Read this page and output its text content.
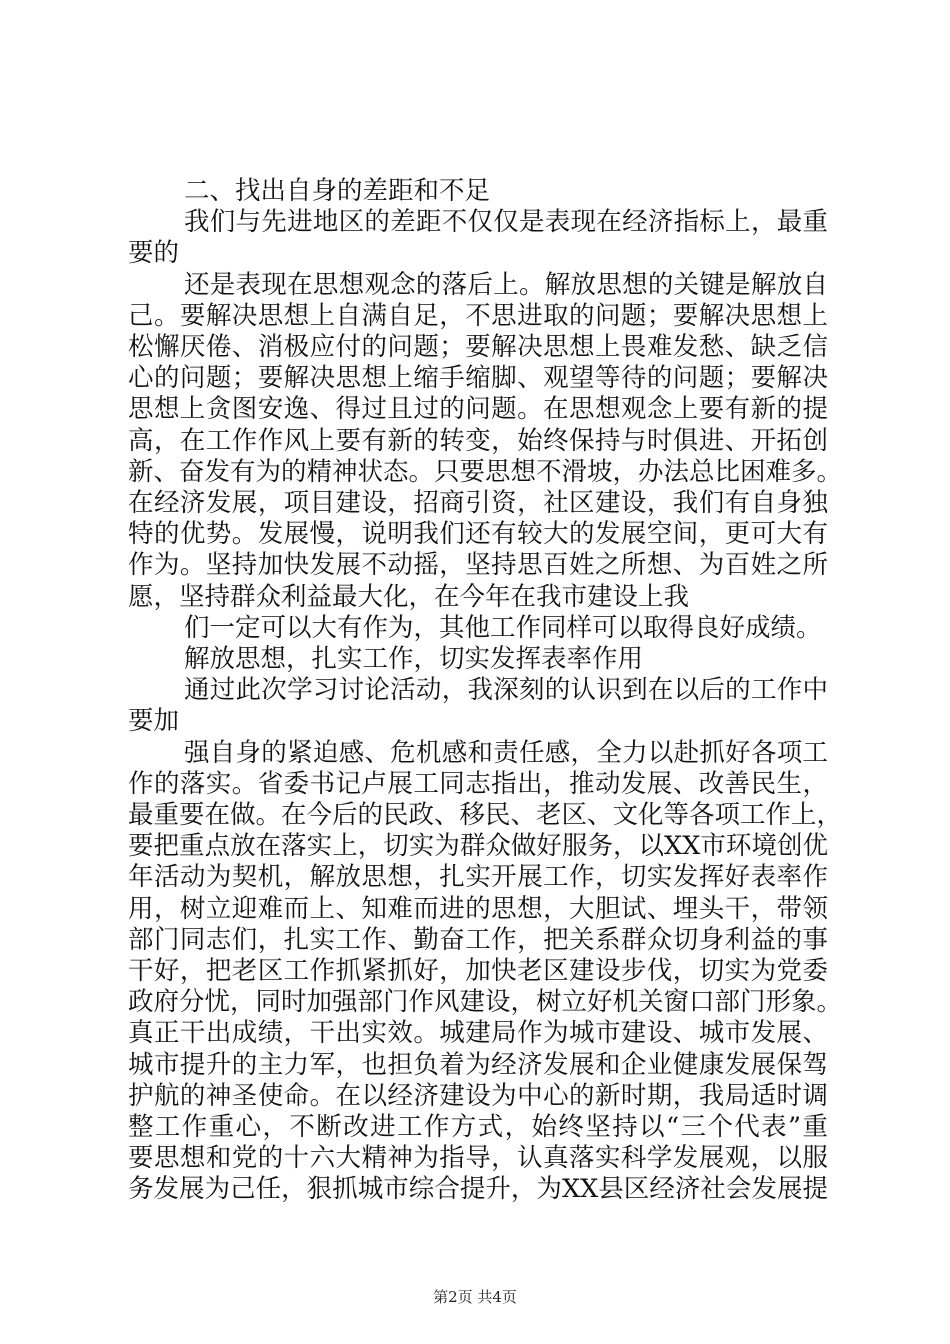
二、找出自身的差距和不足
我们与先进地区的差距不仅仅是表现在经济指标上，最重
要的
还是表现在思想观念的落后上。解放思想的关键是解放自
己。要解决思想上自满自足，不思进取的问题；要解决思想上
松懈厌倦、消极应付的问题；要解决思想上畏难发愁、缺乏信
心的问题；要解决思想上缩手缩脚、观望等待的问题；要解决
思想上贪图安逸、得过且过的问题。在思想观念上要有新的提
高，在工作作风上要有新的转变，始终保持与时俱进、开拓创
新、奋发有为的精神状态。只要思想不滑坡，办法总比困难多。
在经济发展，项目建设，招商引资，社区建设，我们有自身独
特的优势。发展慢，说明我们还有较大的发展空间，更可大有
作为。坚持加快发展不动摇，坚持思百姓之所想、为百姓之所
愿，坚持群众利益最大化，在今年在我市建设上我
们一定可以大有作为，其他工作同样可以取得良好成绩。
解放思想，扎实工作，切实发挥表率作用
通过此次学习讨论活动，我深刻的认识到在以后的工作中
要加
强自身的紧迫感、危机感和责任感，全力以赴抓好各项工
作的落实。省委书记卢展工同志指出，推动发展、改善民生，
最重要在做。在今后的民政、移民、老区、文化等各项工作上，
要把重点放在落实上，切实为群众做好服务，以XX市环境创优
年活动为契机，解放思想，扎实开展工作，切实发挥好表率作
用，树立迎难而上、知难而进的思想，大胆试、埋头干，带领
部门同志们，扎实工作、勤奋工作，把关系群众切身利益的事
干好，把老区工作抓紧抓好，加快老区建设步伐，切实为党委
政府分忧，同时加强部门作风建设，树立好机关窗口部门形象。
真正干出成绩，干出实效。城建局作为城市建设、城市发展、
城市提升的主力军，也担负着为经济发展和企业健康发展保驾
护航的神圣使命。在以经济建设为中心的新时期，我局适时调
整工作重心，不断改进工作方式，始终坚持以“三个代表”重
要思想和党的十六大精神为指导，认真落实科学发展观，以服
务发展为己任，狠抓城市综合提升，为XX县区经济社会发展提
第2页 共4页
